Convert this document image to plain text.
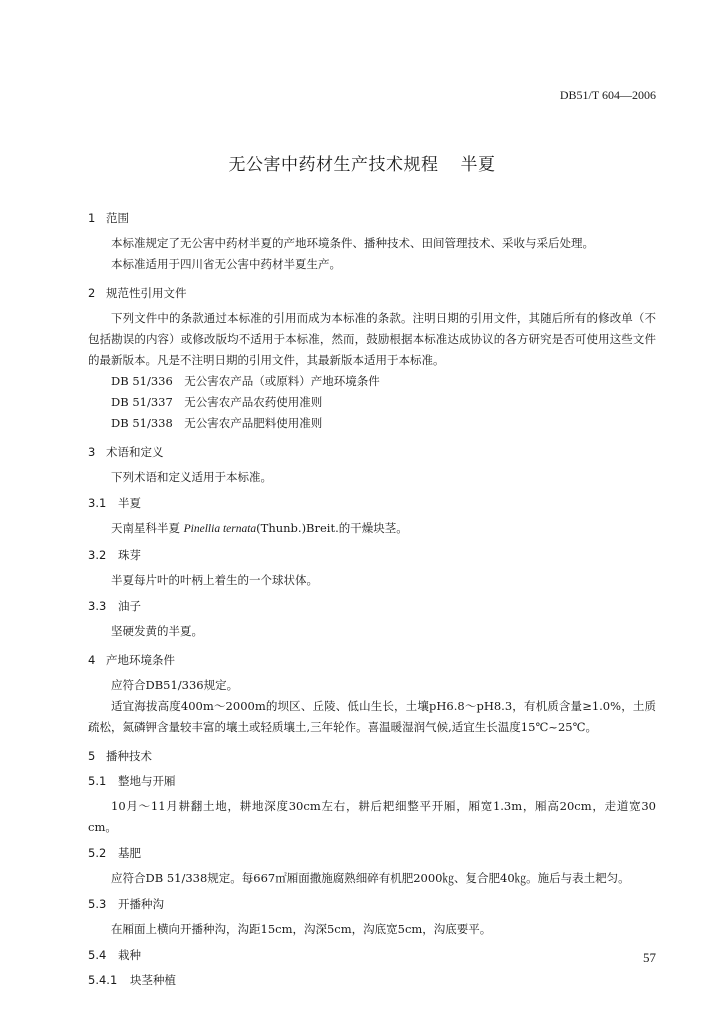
DB51/T 604—2006
无公害中药材生产技术规程 半夏
1 范围

本标准规定了无公害中药材半夏的产地环境条件、播种技术、田间管理技术、采收与采后处理。

本标准适用于四川省无公害中药材半夏生产。

2 规范性引用文件

下列文件中的条款通过本标准的引用而成为本标准的条款。注明日期的引用文件，其随后所有的修改单（不包括勘误的内容）或修改版均不适用于本标准，然而，鼓励根据本标准达成协议的各方研究是否可使用这些文件的最新版本。凡是不注明日期的引用文件，其最新版本适用于本标准。

DB 51/336　无公害农产品（或原料）产地环境条件

DB 51/337　无公害农产品农药使用准则

DB 51/338　无公害农产品肥料使用准则

3 术语和定义

下列术语和定义适用于本标准。

3.1 半夏

天南星科半夏 Pinellia ternata(Thunb.)Breit.的干燥块茎。

3.2 珠芽

半夏每片叶的叶柄上着生的一个球状体。

3.3 油子

坚硬发黄的半夏。

4 产地环境条件

应符合DB51/336规定。

适宜海拔高度400m～2000m的坝区、丘陵、低山生长，土壤pH6.8～pH8.3，有机质含量≥1.0%，土质疏松，氮磷钾含量较丰富的壤土或轻质壤土,三年轮作。喜温暖湿润气候,适宜生长温度15℃~25℃。

5 播种技术
5.1 整地与开厢

10月～11月耕翻土地，耕地深度30cm左右，耕后耙细整平开厢，厢宽1.3m，厢高20cm，走道宽30 cm。

5.2 基肥

应符合DB 51/338规定。每667㎡厢面撒施腐熟细碎有机肥2000㎏、复合肥40㎏。施后与表土耙匀。

5.3 开播种沟

在厢面上横向开播种沟，沟距15cm，沟深5cm，沟底宽5cm，沟底要平。

5.4 栽种
5.4.1 块茎种植
57
